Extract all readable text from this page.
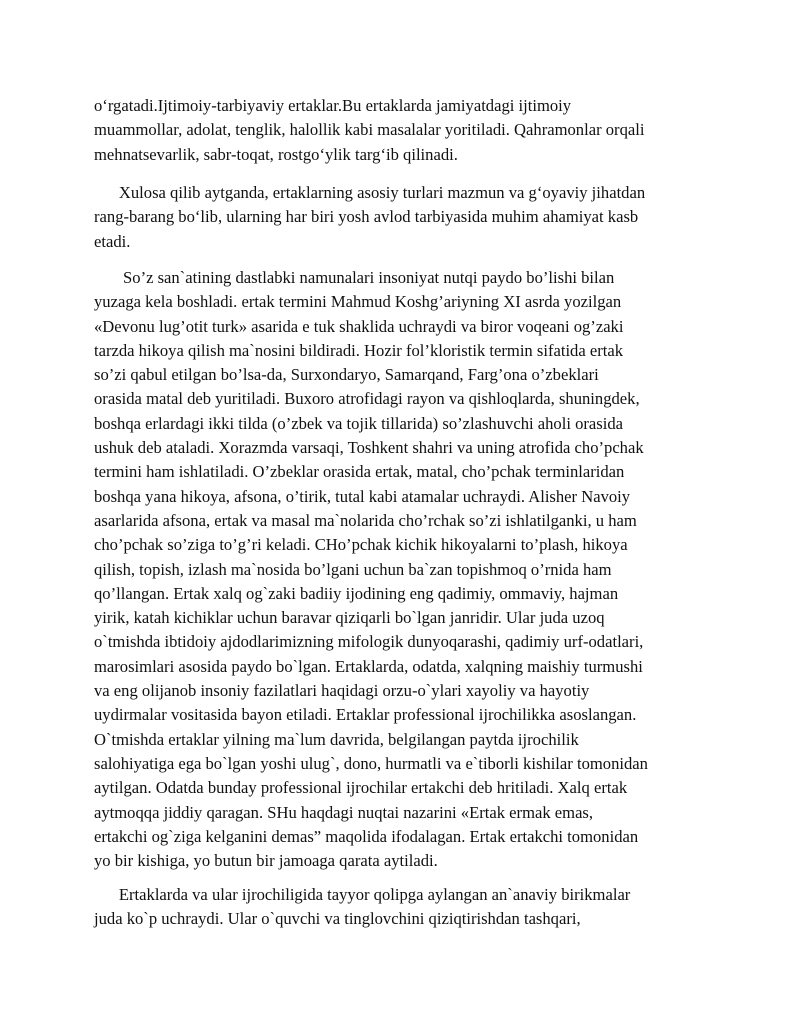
o‘rgatadi.Ijtimoiy-tarbiyaviy ertaklar.Bu ertaklarda jamiyatdagi ijtimoiy
muammollar, adolat, tenglik, halollik kabi masalalar yoritiladi. Qahramonlar orqali
mehnatsevarlik, sabr-toqat, rostgo‘ylik targ‘ib qilinadi.
Xulosa qilib aytganda, ertaklarning asosiy turlari mazmun va g‘oyaviy jihatdan
rang-barang bo‘lib, ularning har biri yosh avlod tarbiyasida muhim ahamiyat kasb
etadi.
So’z san`atining dastlabki namunalari insoniyat nutqi paydo bo’lishi bilan
yuzaga kela boshladi. ertak termini Mahmud Koshg’ariyning XI asrda yozilgan
«Devonu lug’otit turk» asarida e tuk shaklida uchraydi va biror voqeani og’zaki
tarzda hikoya qilish ma`nosini bildiradi. Hozir fol’kloristik termin sifatida ertak
so’zi qabul etilgan bo’lsa-da, Surxondaryo, Samarqand, Farg’ona o’zbeklari
orasida matal deb yuritiladi. Buxoro atrofidagi rayon va qishloqlarda, shuningdek,
boshqa erlardagi ikki tilda (o’zbek va tojik tillarida) so’zlashuvchi aholi orasida
ushuk deb ataladi. Xorazmda varsaqi, Toshkent shahri va uning atrofida cho’pchak
termini ham ishlatiladi. O’zbeklar orasida ertak, matal, cho’pchak terminlaridan
boshqa yana hikoya, afsona, o’tirik, tutal kabi atamalar uchraydi. Alisher Navoiy
asarlarida afsona, ertak va masal ma`nolarida cho’rchak so’zi ishlatilganki, u ham
cho’pchak so’ziga to’g’ri keladi. CHo’pchak kichik hikoyalarni to’plash, hikoya
qilish, topish, izlash ma`nosida bo’lgani uchun ba`zan topishmoq o’rnida ham
qo’llangan. Ertak xalq og`zaki badiiy ijodining eng qadimiy, ommaviy, hajman
yirik, katah kichiklar uchun baravar qiziqarli bo`lgan janridir. Ular juda uzoq
o`tmishda ibtidoiy ajdodlarimizning mifologik dunyoqarashi, qadimiy urf-odatlari,
marosimlari asosida paydo bo`lgan. Ertaklarda, odatda, xalqning maishiy turmushi
va eng olijanob insoniy fazilatlari haqidagi orzu-o`ylari xayoliy va hayotiy
uydirmalar vositasida bayon etiladi. Ertaklar professional ijrochilikka asoslangan.
O`tmishda ertaklar yilning ma`lum davrida, belgilangan paytda ijrochilik
salohiyatiga ega bo`lgan yoshi ulug`, dono, hurmatli va e`tiborli kishilar tomonidan
aytilgan. Odatda bunday professional ijrochilar ertakchi deb hritiladi. Xalq ertak
aytmoqqa jiddiy qaragan. SHu haqdagi nuqtai nazarini «Ertak ermak emas,
ertakchi og`ziga kelganini demas” maqolida ifodalagan. Ertak ertakchi tomonidan
yo bir kishiga, yo butun bir jamoaga qarata aytiladi.
Ertaklarda va ular ijrochiligida tayyor qolipga aylangan an`anaviy birikmalar
juda ko`p uchraydi. Ular o`quvchi va tinglovchini qiziqtirishdan tashqari,
